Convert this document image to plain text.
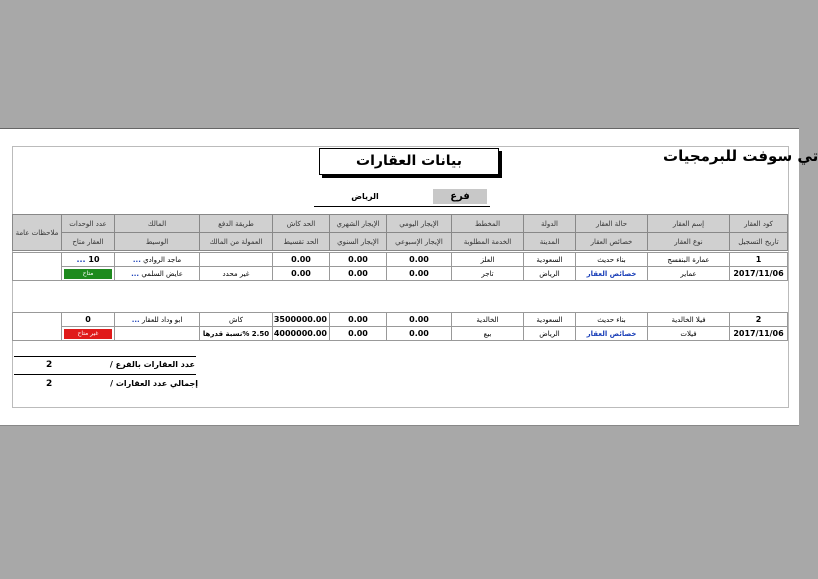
تي سوفت للبرمجيات
بيانات العقارات
فرع
الرياض
كود العقار	إسم العقار	حالة العقار	الدولة	المخطط	الإيجار اليومي	الإيجار الشهري	الحد كاش	طريقة الدفع	المالك	عدد الوحدات	ملاحظات عامة
تاريخ التسجيل	نوع العقار	خصائص العقار	المدينة	الخدمة المطلوبة	الإيجار الإسبوعي	الإيجار السنوي	الحد تقسيط	العمولة من المالك	الوسيط	العقار متاح	
1	عمارة البنفسج	بناء حديث	السعودية	العلز	0.00	0.00	0.00		ماجد الروادي ...	10 ...	
2017/11/06	عماير	خصائص العقار	الرياض	تاجر	0.00	0.00	0.00	غير محدد	عايض السلمي ...	متاح	
2	فيلا الخالدية	بناء حديث	السعودية	الخالدية	0.00	0.00	3500000.00	كاش	ابو وداد للعقار ...	0	
2017/11/06	فيلات	خصائص العقار	الرياض	بيع	0.00	0.00	4000000.00	2.50 %نسبة قدرها		غير متاح	
عدد العقارات بالفرع /
2
إجمالي عدد العقارات /
2
